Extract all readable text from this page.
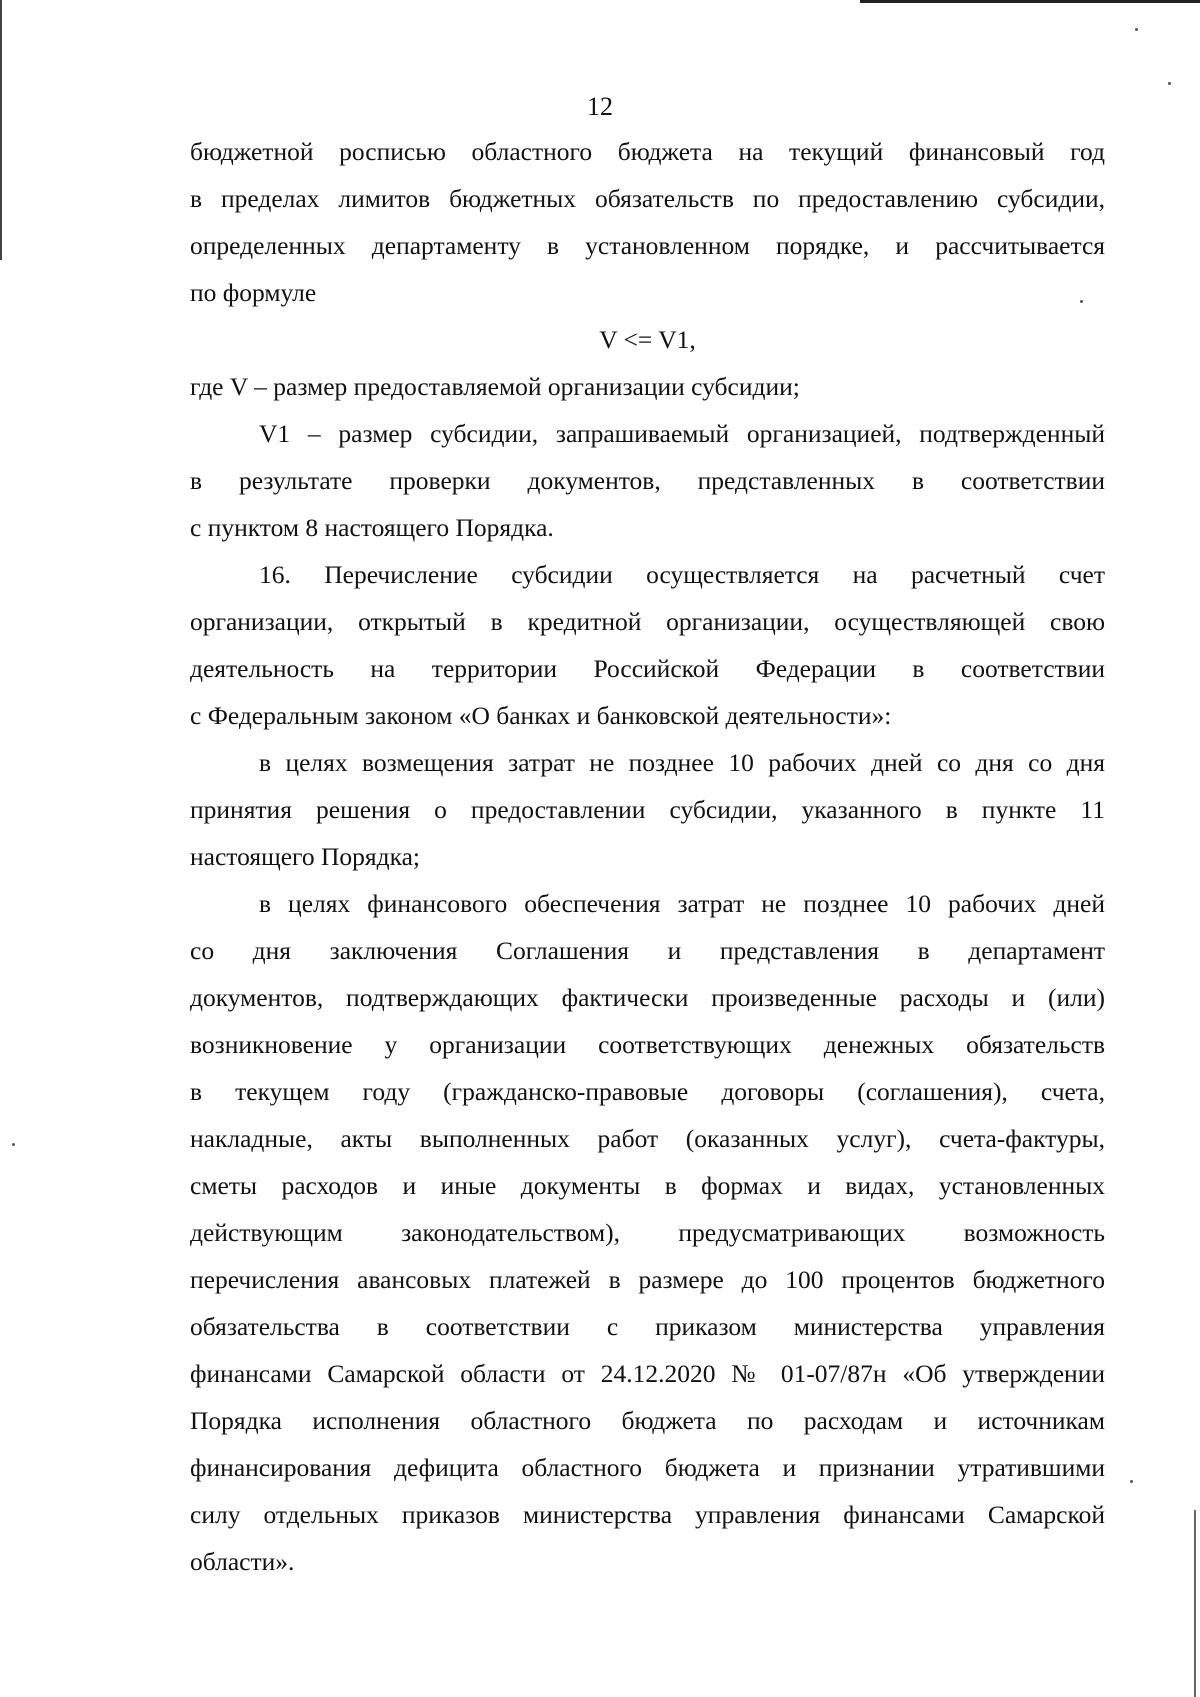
12
бюджетной росписью областного бюджета на текущий финансовый год
в пределах лимитов бюджетных обязательств по предоставлению субсидии,
определенных департаменту в установленном порядке, и рассчитывается
по формуле
V <= V1,
где V – размер предоставляемой организации субсидии;
V1 – размер субсидии, запрашиваемый организацией, подтвержденный
в результате проверки документов, представленных в соответствии
с пунктом 8 настоящего Порядка.
16. Перечисление субсидии осуществляется на расчетный счет
организации, открытый в кредитной организации, осуществляющей свою
деятельность на территории Российской Федерации в соответствии
с Федеральным законом «О банках и банковской деятельности»:
в целях возмещения затрат не позднее 10 рабочих дней со дня со дня
принятия решения о предоставлении субсидии, указанного в пункте 11
настоящего Порядка;
в целях финансового обеспечения затрат не позднее 10 рабочих дней
со дня заключения Соглашения и представления в департамент
документов, подтверждающих фактически произведенные расходы и (или)
возникновение у организации соответствующих денежных обязательств
в текущем году (гражданско-правовые договоры (соглашения), счета,
накладные, акты выполненных работ (оказанных услуг), счета-фактуры,
сметы расходов и иные документы в формах и видах, установленных
действующим законодательством), предусматривающих возможность
перечисления авансовых платежей в размере до 100 процентов бюджетного
обязательства в соответствии с приказом министерства управления
финансами Самарской области от 24.12.2020 № 01-07/87н «Об утверждении
Порядка исполнения областного бюджета по расходам и источникам
финансирования дефицита областного бюджета и признании утратившими
силу отдельных приказов министерства управления финансами Самарской
области».
